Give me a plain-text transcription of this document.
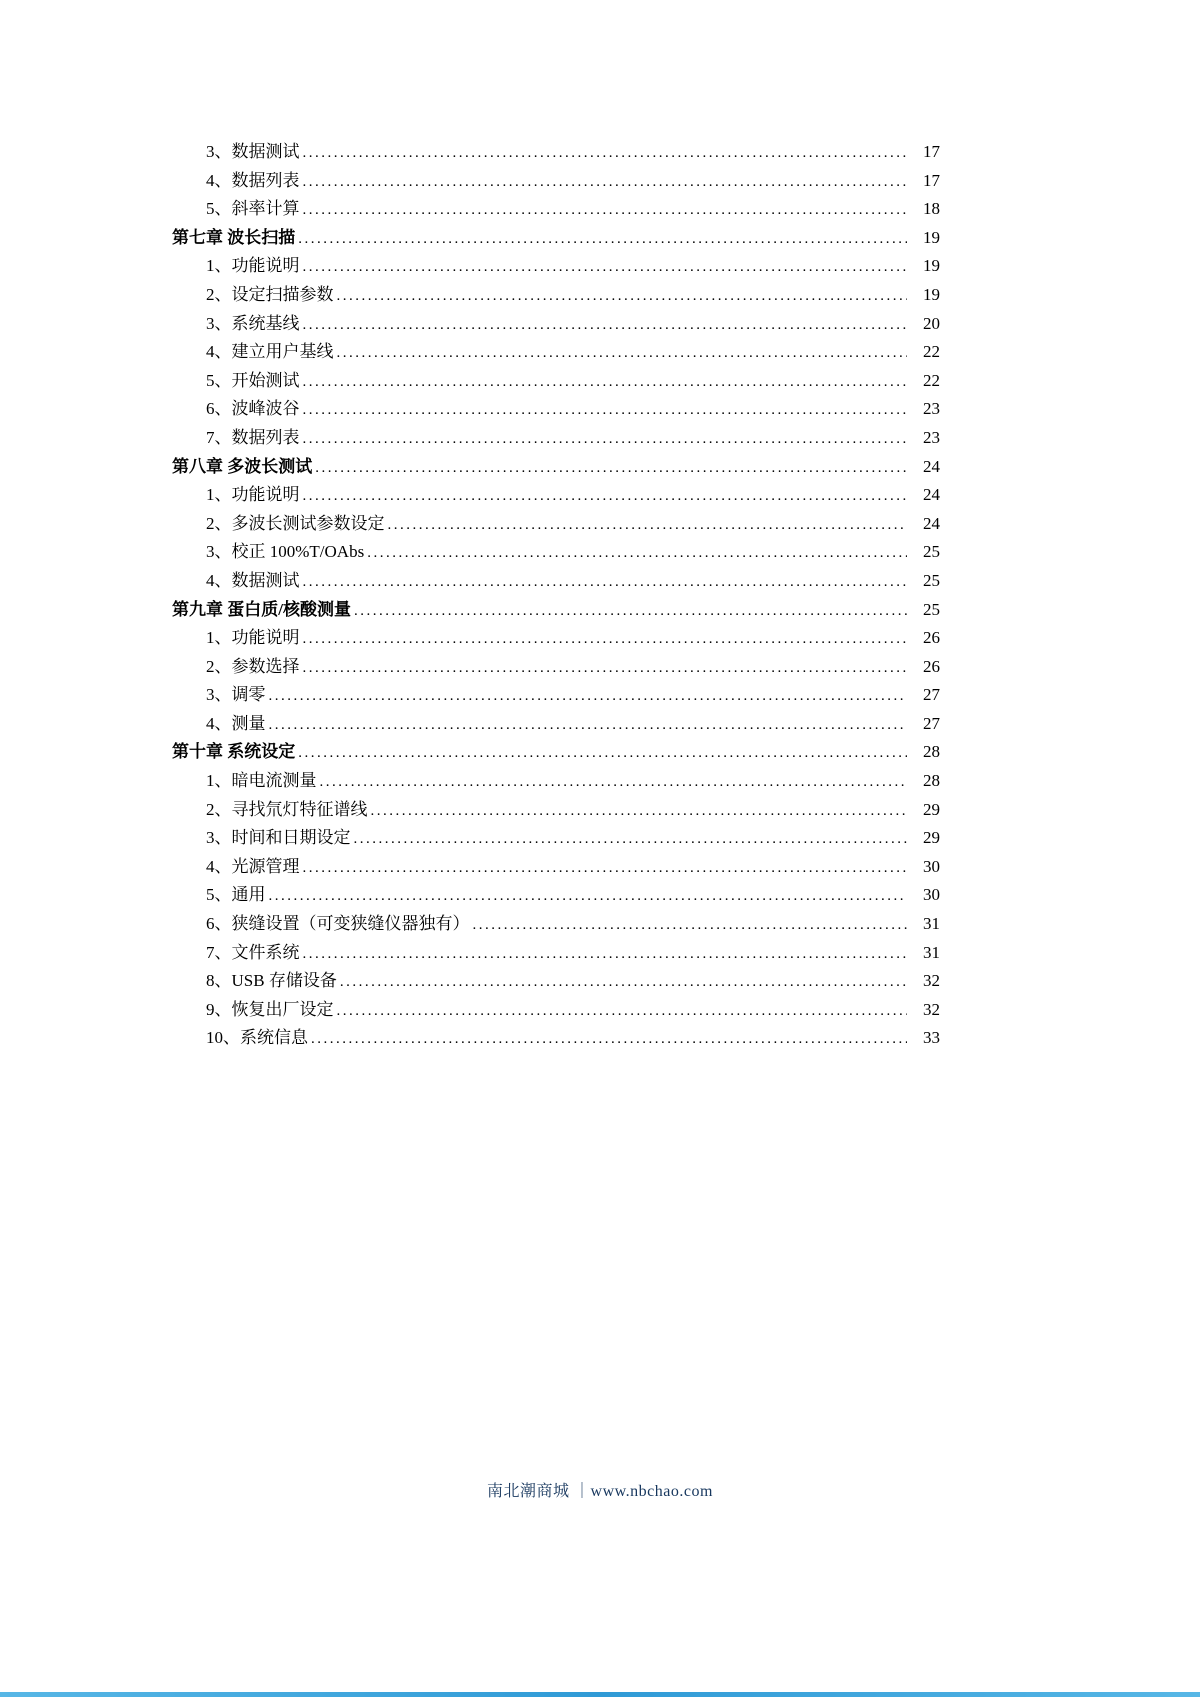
3、数据测试 .....	17
4、数据列表 .....	17
5、斜率计算 .....	18
第七章 波长扫描 .....	19
1、功能说明 .....	19
2、设定扫描参数 .....	19
3、系统基线 .....	20
4、建立用户基线 .....	22
5、开始测试 .....	22
6、波峰波谷 .....	23
7、数据列表 .....	23
第八章 多波长测试 .....	24
1、功能说明 .....	24
2、多波长测试参数设定 .....	24
3、校正 100%T/OAbs .....	25
4、数据测试 .....	25
第九章 蛋白质/核酸测量 .....	25
1、功能说明 .....	26
2、参数选择 .....	26
3、调零 .....	27
4、测量 .....	27
第十章 系统设定 .....	28
1、暗电流测量 .....	28
2、寻找氘灯特征谱线 .....	29
3、时间和日期设定 .....	29
4、光源管理 .....	30
5、通用 .....	30
6、狭缝设置（可变狭缝仪器独有） .....	31
7、文件系统 .....	31
8、USB 存储设备 .....	32
9、恢复出厂设定 .....	32
10、系统信息 .....	33
南北潮商城 ｜www.nbchao.com
